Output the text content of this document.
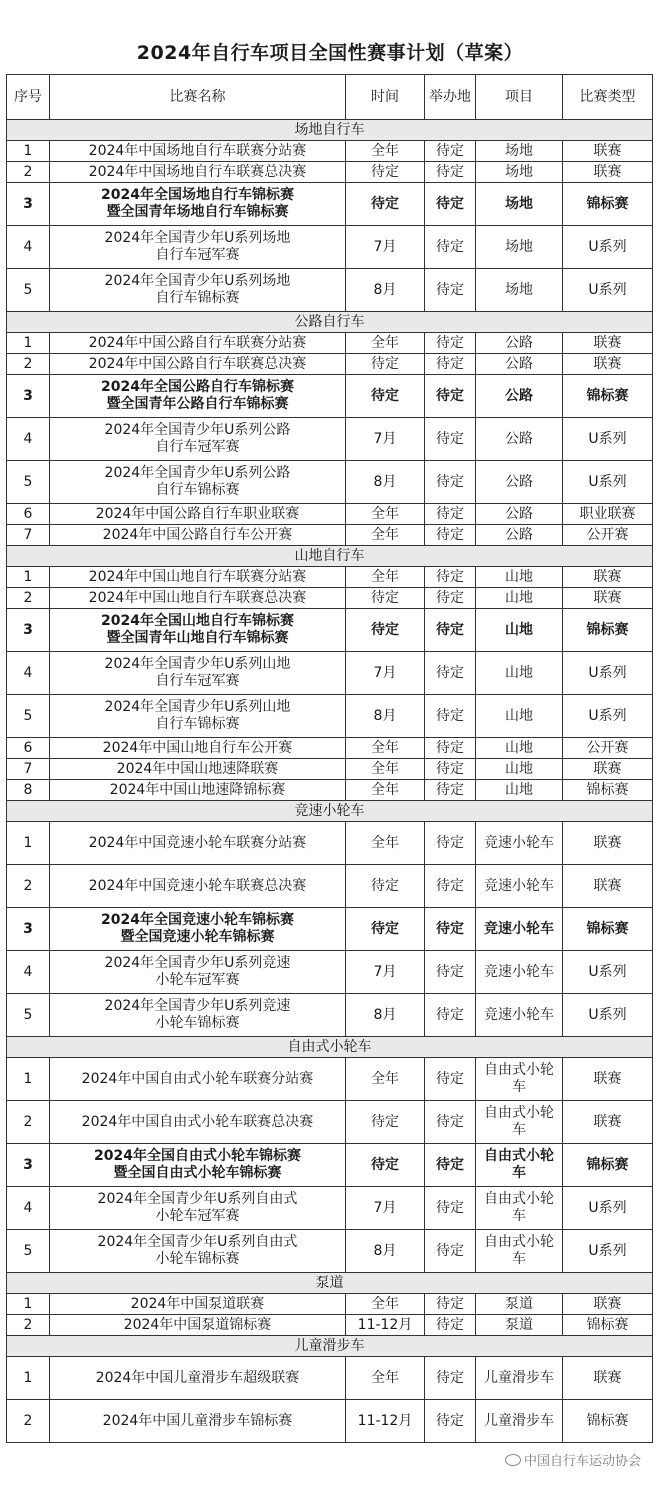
2024年自行车项目全国性赛事计划（草案）
序号	比赛名称	时间	举办地	项目	比赛类型
场地自行车					
1	2024年中国场地自行车联赛分站赛	全年	待定	场地	联赛
2	2024年中国场地自行车联赛总决赛	待定	待定	场地	联赛
3	2024年全国场地自行车锦标赛
暨全国青年场地自行车锦标赛	待定	待定	场地	锦标赛
4	2024年全国青少年U系列场地
自行车冠军赛	7月	待定	场地	U系列
5	2024年全国青少年U系列场地
自行车锦标赛	8月	待定	场地	U系列
公路自行车					
1	2024年中国公路自行车联赛分站赛	全年	待定	公路	联赛
2	2024年中国公路自行车联赛总决赛	待定	待定	公路	联赛
3	2024年全国公路自行车锦标赛
暨全国青年公路自行车锦标赛	待定	待定	公路	锦标赛
4	2024年全国青少年U系列公路
自行车冠军赛	7月	待定	公路	U系列
5	2024年全国青少年U系列公路
自行车锦标赛	8月	待定	公路	U系列
6	2024年中国公路自行车职业联赛	全年	待定	公路	职业联赛
7	2024年中国公路自行车公开赛	全年	待定	公路	公开赛
山地自行车					
1	2024年中国山地自行车联赛分站赛	全年	待定	山地	联赛
2	2024年中国山地自行车联赛总决赛	待定	待定	山地	联赛
3	2024年全国山地自行车锦标赛
暨全国青年山地自行车锦标赛	待定	待定	山地	锦标赛
4	2024年全国青少年U系列山地
自行车冠军赛	7月	待定	山地	U系列
5	2024年全国青少年U系列山地
自行车锦标赛	8月	待定	山地	U系列
6	2024年中国山地自行车公开赛	全年	待定	山地	公开赛
7	2024年中国山地速降联赛	全年	待定	山地	联赛
8	2024年中国山地速降锦标赛	全年	待定	山地	锦标赛
竞速小轮车					
1	2024年中国竞速小轮车联赛分站赛	全年	待定	竞速小轮车	联赛
2	2024年中国竞速小轮车联赛总决赛	待定	待定	竞速小轮车	联赛
3	2024年全国竞速小轮车锦标赛
暨全国竞速小轮车锦标赛	待定	待定	竞速小轮车	锦标赛
4	2024年全国青少年U系列竞速
小轮车冠军赛	7月	待定	竞速小轮车	U系列
5	2024年全国青少年U系列竞速
小轮车锦标赛	8月	待定	竞速小轮车	U系列
自由式小轮车					
1	2024年中国自由式小轮车联赛分站赛	全年	待定	自由式小轮车	联赛
2	2024年中国自由式小轮车联赛总决赛	待定	待定	自由式小轮车	联赛
3	2024年全国自由式小轮车锦标赛
暨全国自由式小轮车锦标赛	待定	待定	自由式小轮车	锦标赛
4	2024年全国青少年U系列自由式
小轮车冠军赛	7月	待定	自由式小轮车	U系列
5	2024年全国青少年U系列自由式
小轮车锦标赛	8月	待定	自由式小轮车	U系列
泵道					
1	2024年中国泵道联赛	全年	待定	泵道	联赛
2	2024年中国泵道锦标赛	11-12月	待定	泵道	锦标赛
儿童滑步车					
1	2024年中国儿童滑步车超级联赛	全年	待定	儿童滑步车	联赛
2	2024年中国儿童滑步车锦标赛	11-12月	待定	儿童滑步车	锦标赛
中国自行车运动协会
